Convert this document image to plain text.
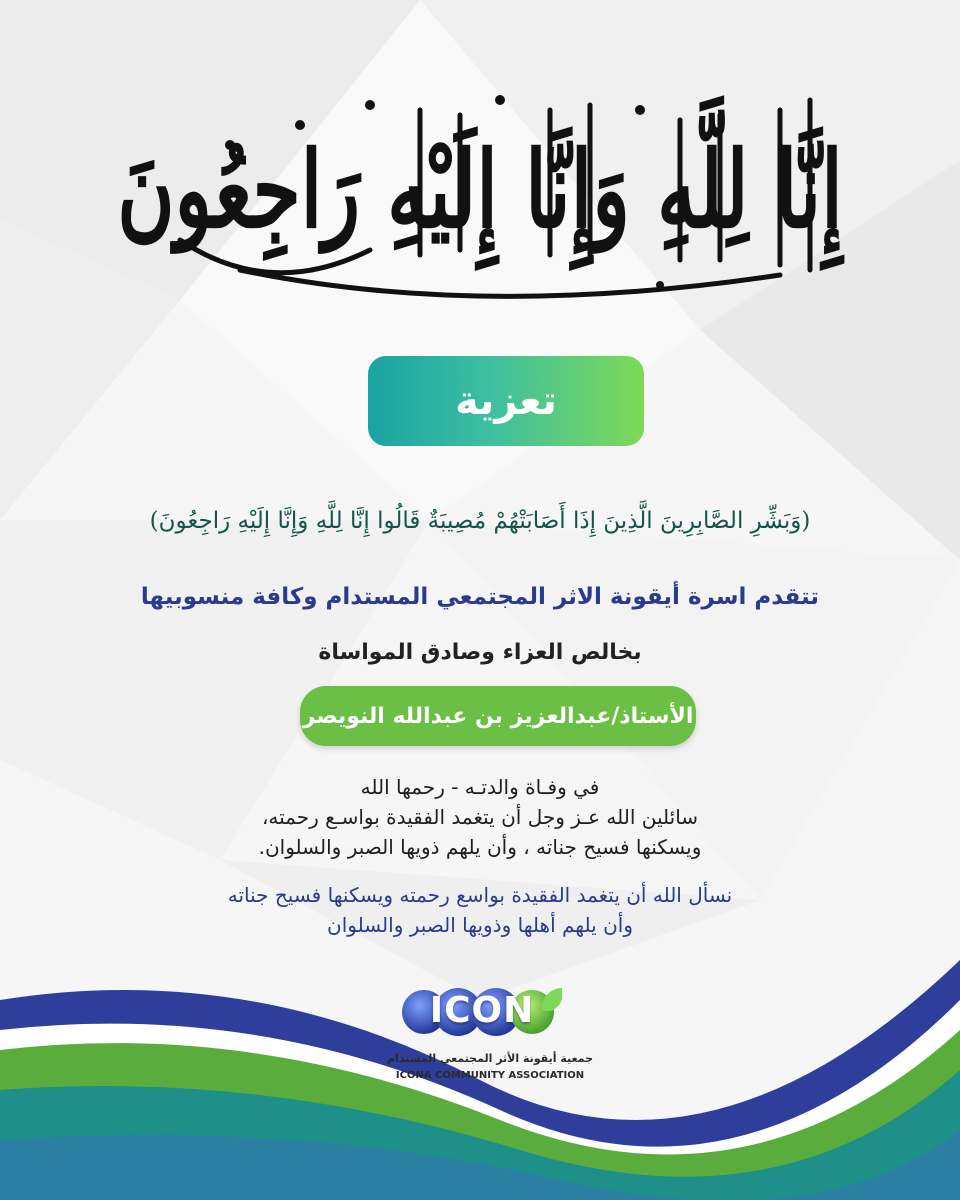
إِنَّا لِلَّهِ وَإِنَّا إِلَيْهِ رَاجِعُونَ
تعزية
(وَبَشِّرِ الصَّابِرِينَ الَّذِينَ إِذَا أَصَابَتْهُمْ مُصِيبَةٌ قَالُوا إِنَّا لِلَّهِ وَإِنَّا إِلَيْهِ رَاجِعُونَ)
تتقدم اسرة أيقونة الاثر المجتمعي المستدام وكافة منسوبيها
بخالص العزاء وصادق المواساة
الأستاذ/عبدالعزيز بن عبدالله النويصر
في وفـاة والدتـه - رحمها الله
سائلين الله عـز وجل أن يتغمد الفقيدة بواسـع رحمته،
ويسكنها فسيح جناته ، وأن يلهم ذويها الصبر والسلوان.
نسأل الله أن يتغمد الفقيدة بواسع رحمته ويسكنها فسيح جناته
وأن يلهم أهلها وذويها الصبر والسلوان
ICON
جمعية أيقونة الأثر المجتمعي المستدام
ICONA COMMUNITY ASSOCIATION
